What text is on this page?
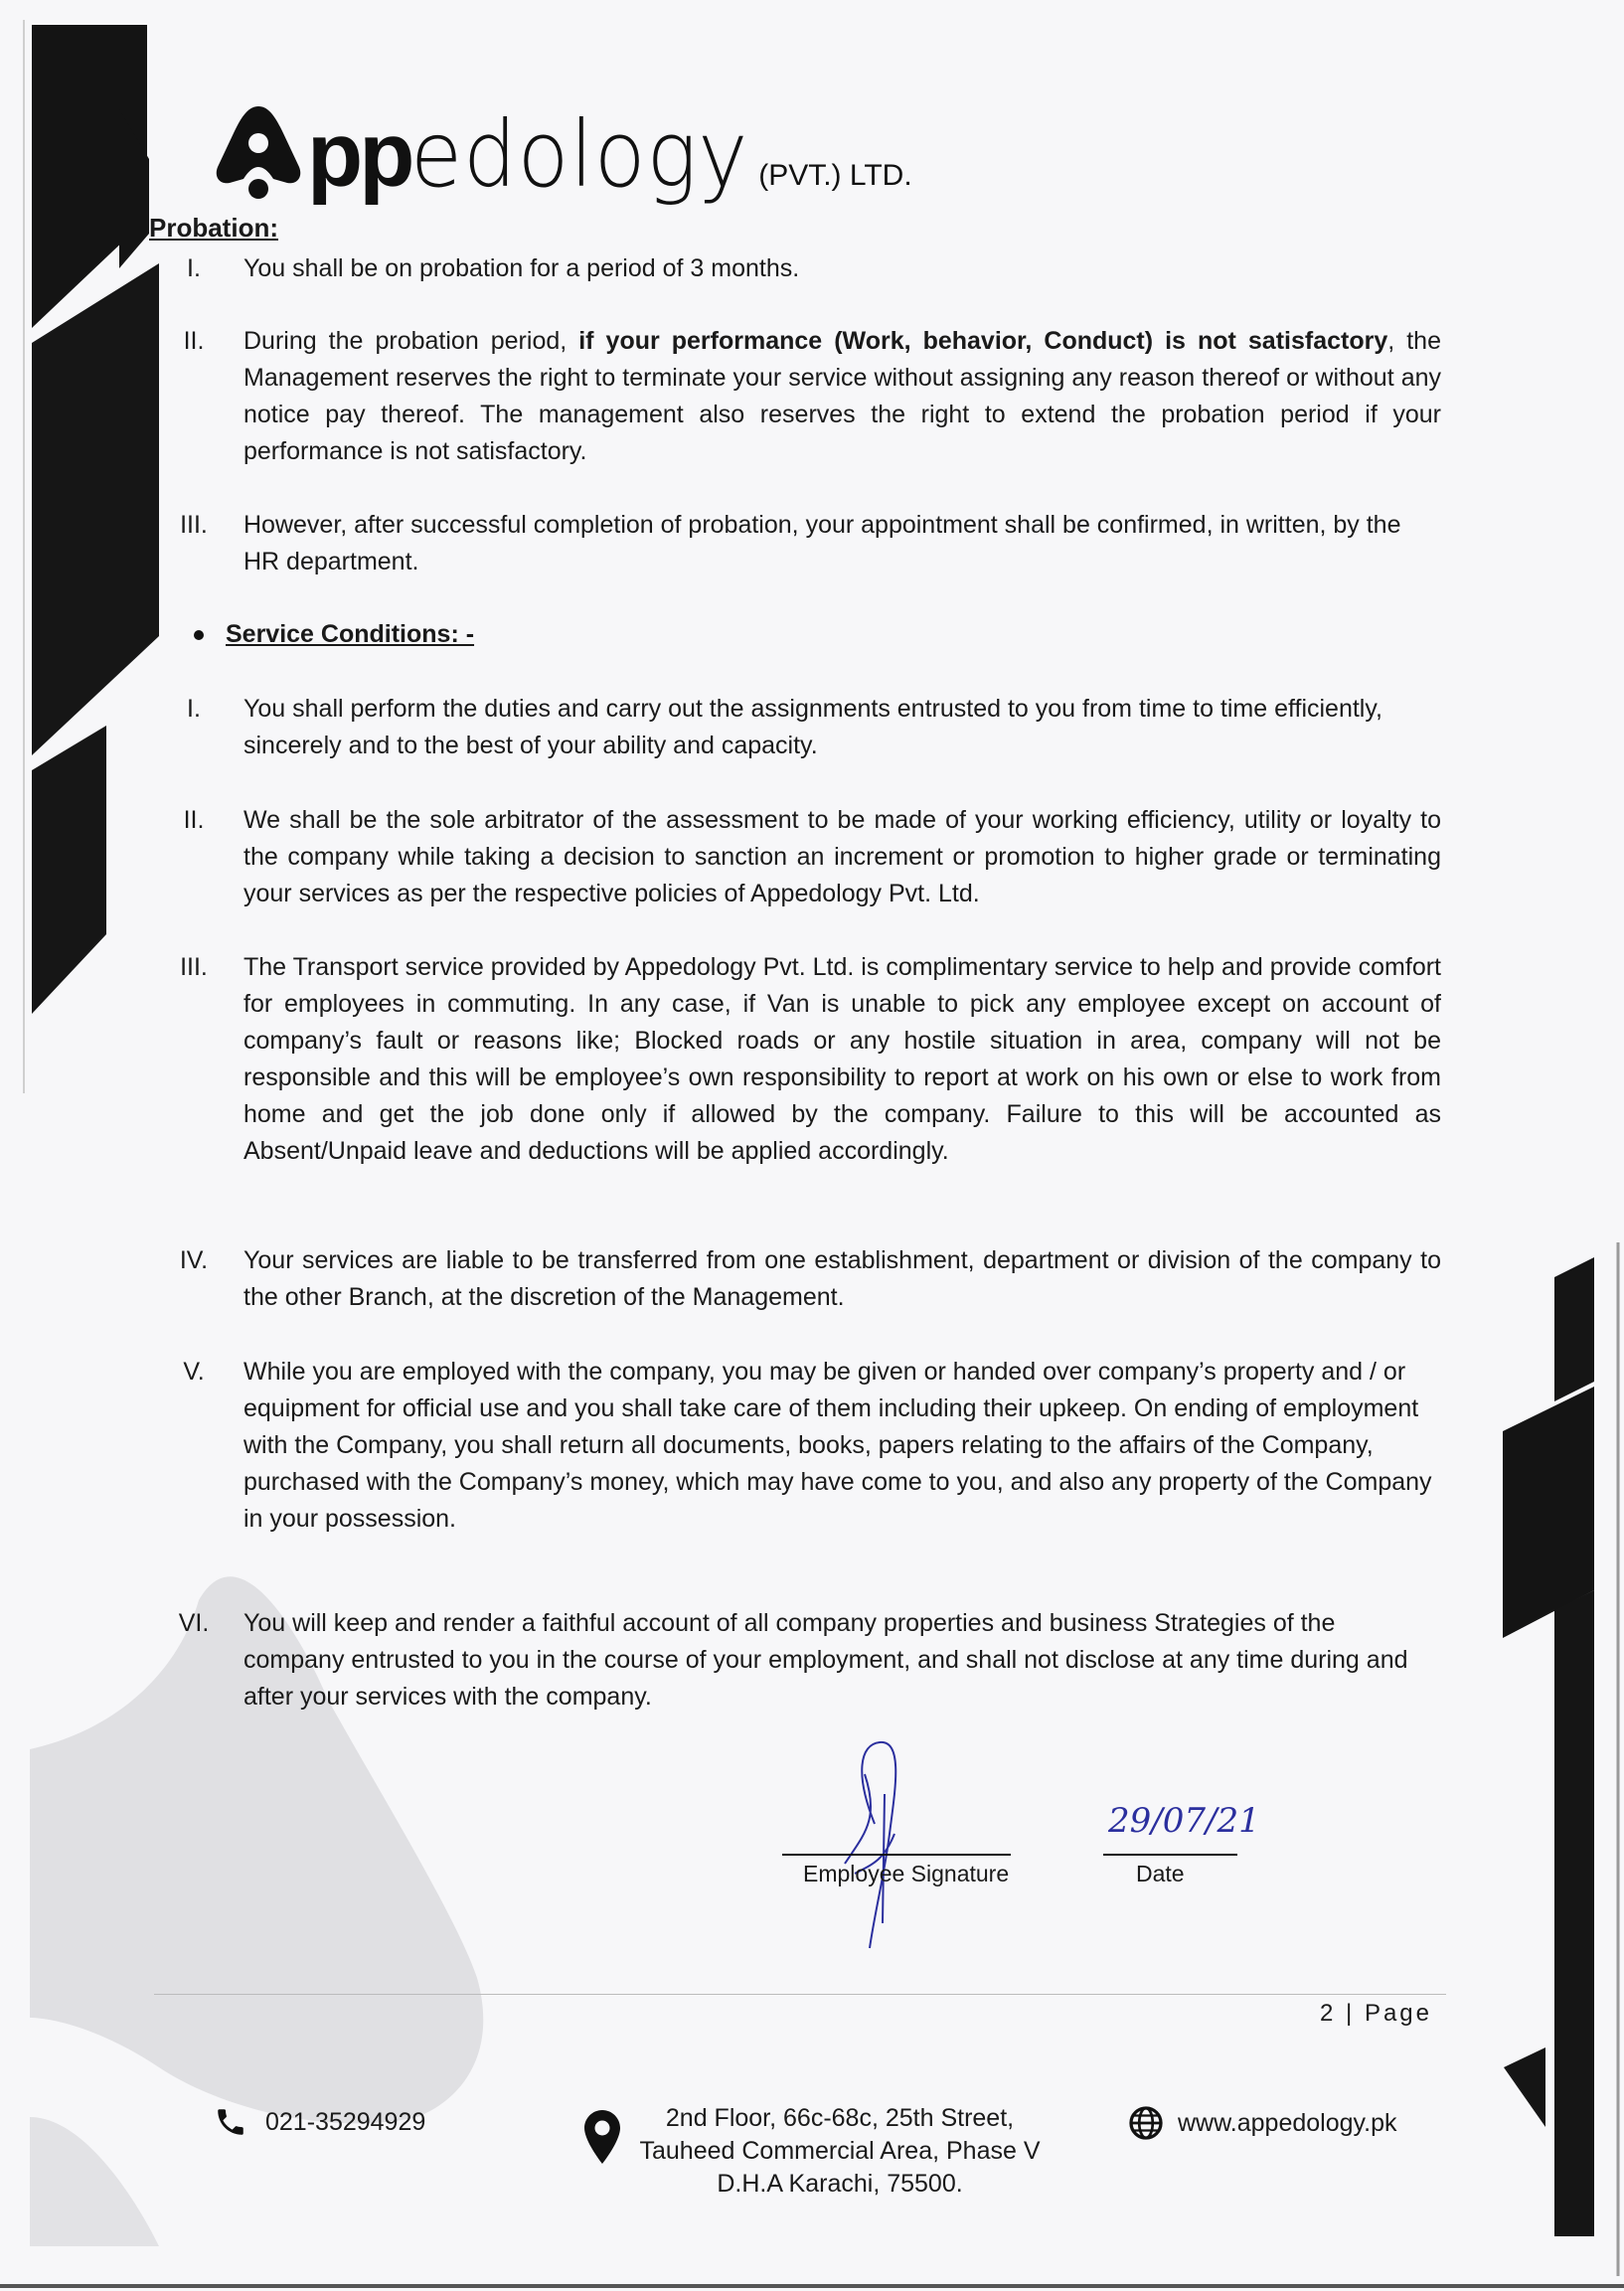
pp edology (PVT.) LTD.
Probation:
I.	You shall be on probation for a period of 3 months.
II.	During the probation period, if your performance (Work, behavior, Conduct) is not satisfactory, the Management reserves the right to terminate your service without assigning any reason thereof or without any notice pay thereof. The management also reserves the right to extend the probation period if your performance is not satisfactory.
III.	However, after successful completion of probation, your appointment shall be confirmed, in written, by the HR department.
Service Conditions: -
I.	You shall perform the duties and carry out the assignments entrusted to you from time to time efficiently, sincerely and to the best of your ability and capacity.
II.	We shall be the sole arbitrator of the assessment to be made of your working efficiency, utility or loyalty to the company while taking a decision to sanction an increment or promotion to higher grade or terminating your services as per the respective policies of Appedology Pvt. Ltd.
III.	The Transport service provided by Appedology Pvt. Ltd. is complimentary service to help and provide comfort for employees in commuting. In any case, if Van is unable to pick any employee except on account of company’s fault or reasons like; Blocked roads or any hostile situation in area, company will not be responsible and this will be employee’s own responsibility to report at work on his own or else to work from home and get the job done only if allowed by the company. Failure to this will be accounted as Absent/Unpaid leave and deductions will be applied accordingly.
IV.	Your services are liable to be transferred from one establishment, department or division of the company to the other Branch, at the discretion of the Management.
V.	While you are employed with the company, you may be given or handed over company’s property and / or equipment for official use and you shall take care of them including their upkeep. On ending of employment with the Company, you shall return all documents, books, papers relating to the affairs of the Company, purchased with the Company’s money, which may have come to you, and also any property of the Company in your possession.
VI.	You will keep and render a faithful account of all company properties and business Strategies of the company entrusted to you in the course of your employment, and shall not disclose at any time during and after your services with the company.
Employee Signature
29/07/21
Date
2 | Page
021-35294929	2nd Floor, 66c-68c, 25th Street,
Tauheed Commercial Area, Phase V
D.H.A Karachi, 75500.
www.appedology.pk
